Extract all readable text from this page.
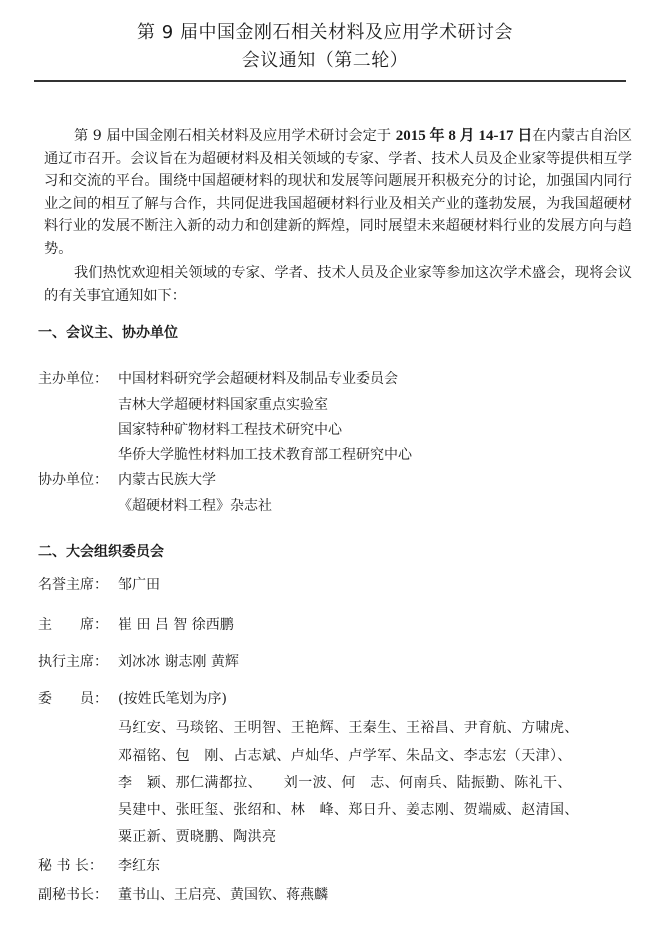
第 9 届中国金刚石相关材料及应用学术研讨会
会议通知（第二轮）
第 9 届中国金刚石相关材料及应用学术研讨会定于 2015 年 8 月 14-17 日在内蒙古自治区通辽市召开。会议旨在为超硬材料及相关领域的专家、学者、技术人员及企业家等提供相互学习和交流的平台。围绕中国超硬材料的现状和发展等问题展开积极充分的讨论，加强国内同行业之间的相互了解与合作，共同促进我国超硬材料行业及相关产业的蓬勃发展，为我国超硬材料行业的发展不断注入新的动力和创建新的辉煌，同时展望未来超硬材料行业的发展方向与趋势。
我们热忱欢迎相关领域的专家、学者、技术人员及企业家等参加这次学术盛会，现将会议的有关事宜通知如下：
一、会议主、协办单位
主办单位： 中国材料研究学会超硬材料及制品专业委员会
吉林大学超硬材料国家重点实验室
国家特种矿物材料工程技术研究中心
华侨大学脆性材料加工技术教育部工程研究中心
协办单位： 内蒙古民族大学
《超硬材料工程》杂志社
二、大会组织委员会
名誉主席： 邹广田
主　　席： 崔 田 吕 智 徐西鹏
执行主席： 刘冰冰 谢志刚 黄辉
委　　员： (按姓氏笔划为序)
马红安、马琰铭、王明智、王艳辉、王秦生、王裕昌、尹育航、方啸虎、
邓福铭、包　刚、占志斌、卢灿华、卢学军、朱品文、李志宏（天津）、
李　颖、那仁满都拉、　　刘一波、何　志、何南兵、陆振勤、陈礼干、
吴建中、张旺玺、张绍和、林　峰、郑日升、姜志刚、贺端威、赵清国、
粟正新、贾晓鹏、陶洪亮
秘 书 长： 李红东
副秘书长： 董书山、王启亮、黄国钦、蒋燕麟
